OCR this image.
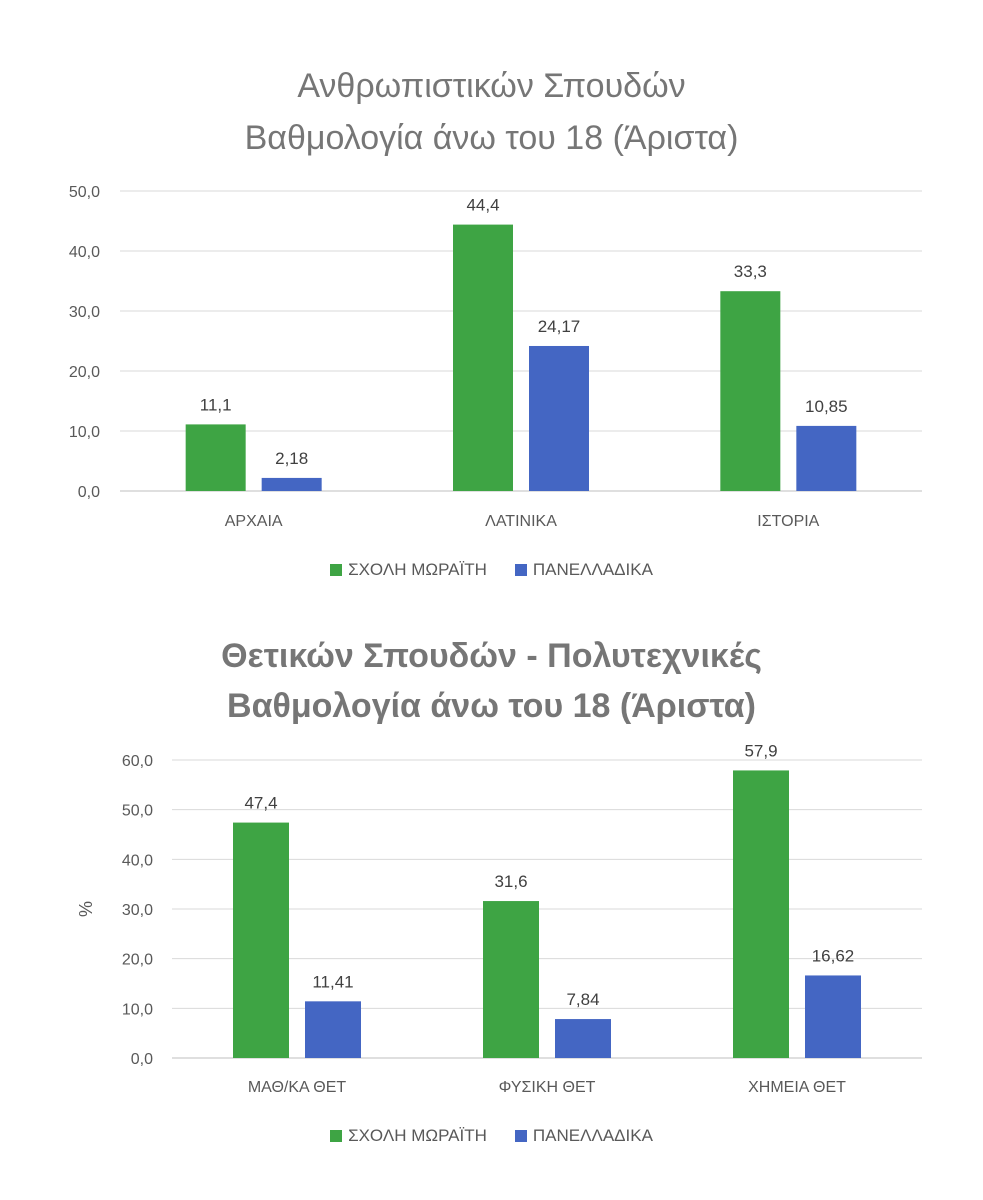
Ανθρωπιστικών Σπουδών

Βαθμολογία άνω του 18 (Άριστα)

0,0
10,0
20,0
30,0
40,0
50,0
ΑΡΧΑΙΑ
11,1
2,18
ΛΑΤΙΝΙΚΑ
44,4
24,17
ΙΣΤΟΡΙΑ
33,3
10,85
ΣΧΟΛΗ ΜΩΡΑΪΤΗ	ΠΑΝΕΛΛΑΔΙΚΑ

Θετικών Σπουδών - Πολυτεχνικές

Βαθμολογία άνω του 18 (Άριστα)

0,0
10,0
20,0
30,0
40,0
50,0
60,0
%
ΜΑΘ/ΚΑ ΘΕΤ
47,4
11,41
ΦΥΣΙΚΗ ΘΕΤ
31,6
7,84
ΧΗΜΕΙΑ ΘΕΤ
57,9
16,62
ΣΧΟΛΗ ΜΩΡΑΪΤΗ	ΠΑΝΕΛΛΑΔΙΚΑ
